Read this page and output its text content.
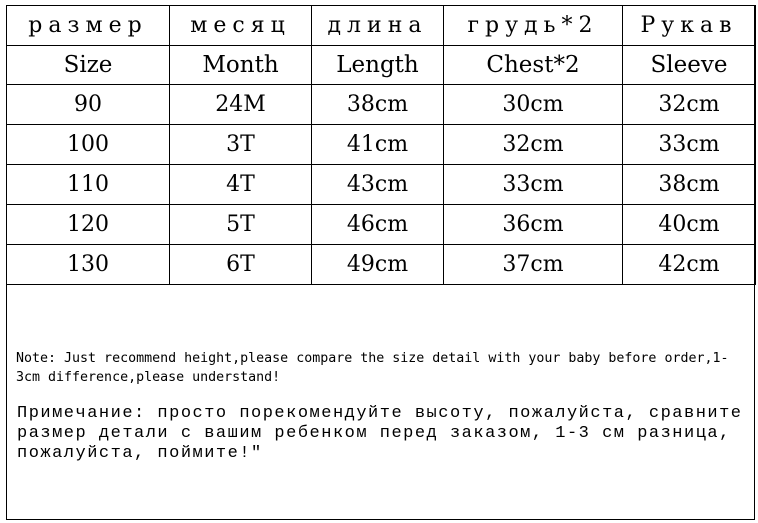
размер	месяц	длина	грудь*2	Рукав
Size	Month	Length	Chest*2	Sleeve
90	24M	38cm	30cm	32cm
100	3T	41cm	32cm	33cm
110	4T	43cm	33cm	38cm
120	5T	46cm	36cm	40cm
130	6T	49cm	37cm	42cm

Note: Just recommend height,please compare the size detail with your baby before order,1-3cm difference,please understand!

Примечание: просто порекомендуйте высоту, пожалуйста, сравните размер детали с вашим ребенком перед заказом, 1-3 см разница, пожалуйста, поймите!"
